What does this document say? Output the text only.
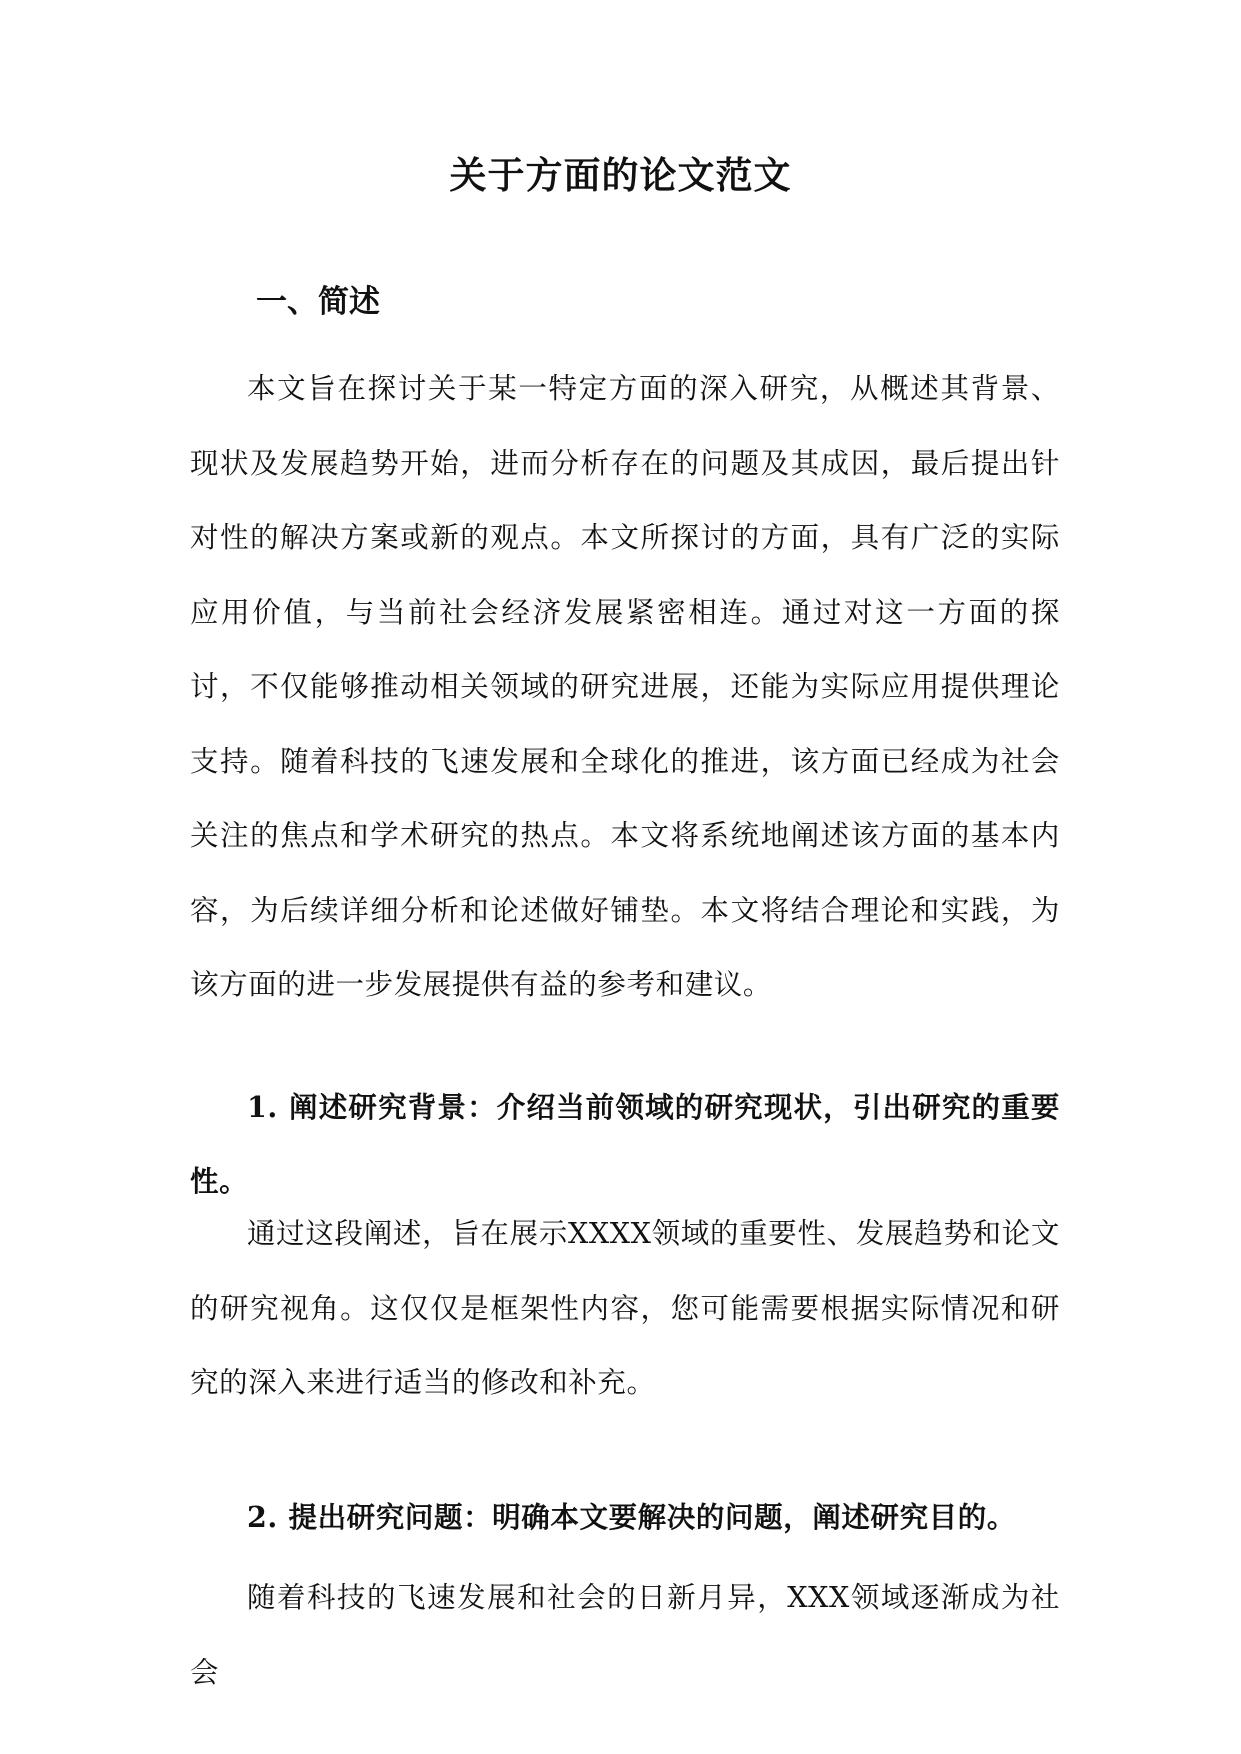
关于方面的论文范文
一、简述

本文旨在探讨关于某一特定方面的深入研究，从概述其背景、现状及发展趋势开始，进而分析存在的问题及其成因，最后提出针对性的解决方案或新的观点。本文所探讨的方面，具有广泛的实际应用价值，与当前社会经济发展紧密相连。通过对这一方面的探讨，不仅能够推动相关领域的研究进展，还能为实际应用提供理论支持。随着科技的飞速发展和全球化的推进，该方面已经成为社会关注的焦点和学术研究的热点。本文将系统地阐述该方面的基本内容，为后续详细分析和论述做好铺垫。本文将结合理论和实践，为该方面的进一步发展提供有益的参考和建议。

1. 阐述研究背景：介绍当前领域的研究现状，引出研究的重要性。

通过这段阐述，旨在展示XXXX领域的重要性、发展趋势和论文的研究视角。这仅仅是框架性内容，您可能需要根据实际情况和研究的深入来进行适当的修改和补充。

2. 提出研究问题：明确本文要解决的问题，阐述研究目的。

随着科技的飞速发展和社会的日新月异，XXX领域逐渐成为社会
